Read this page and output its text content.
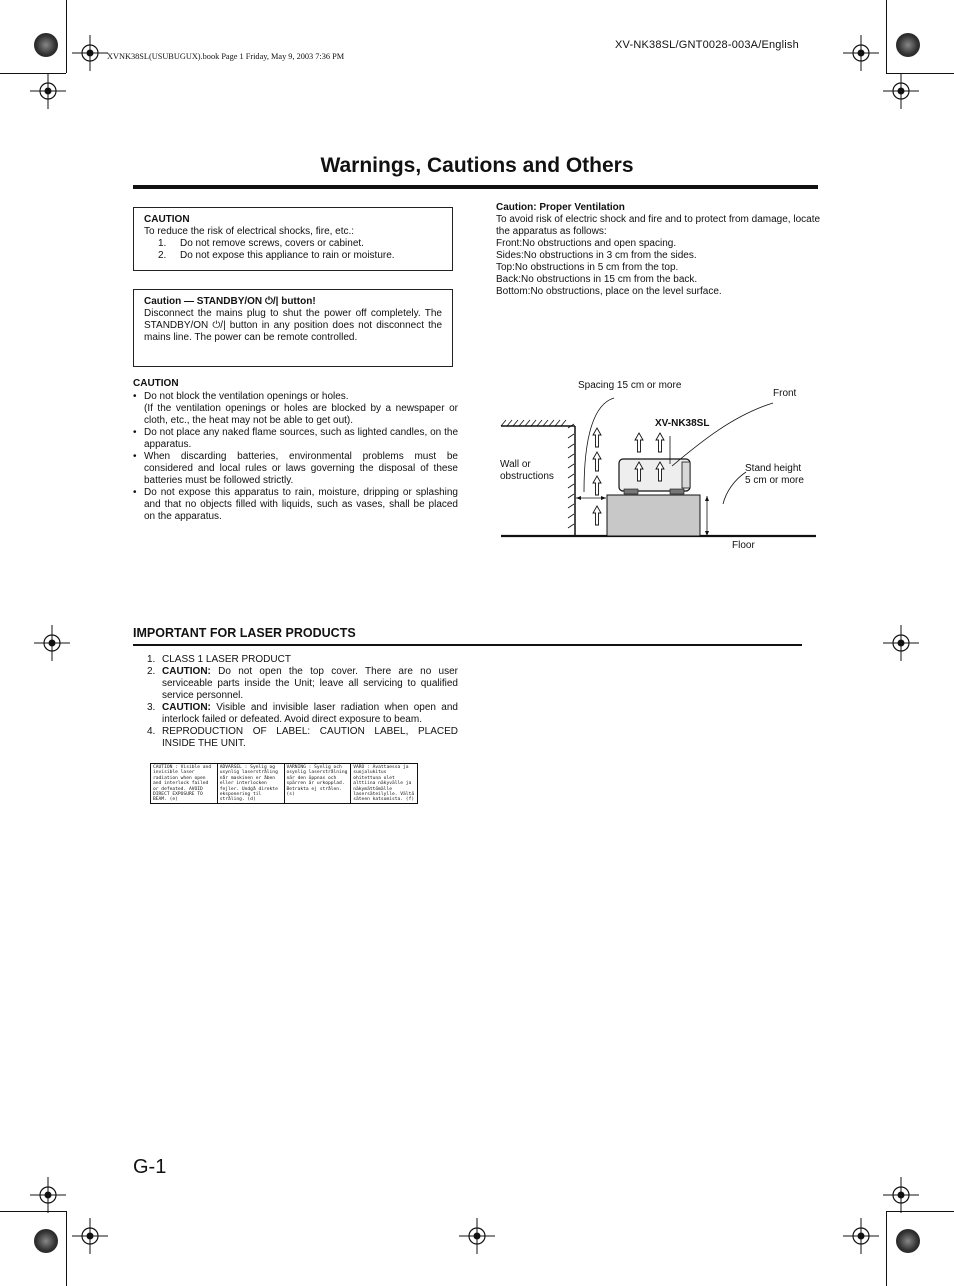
XVNK38SL(USUBUGUX).book Page 1 Friday, May 9, 2003 7:36 PM
XV-NK38SL/GNT0028-003A/English
Warnings, Cautions and Others
CAUTION
To reduce the risk of electrical shocks, fire, etc.:
1.	Do not remove screws, covers or cabinet.
2.	Do not expose this appliance to rain or moisture.
Caution — STANDBY/ON ⏻/| button!
Disconnect the mains plug to shut the power off completely. The STANDBY/ON ⏻/| button in any position does not disconnect the mains line. The power can be remote controlled.
CAUTION
• Do not block the ventilation openings or holes.
(If the ventilation openings or holes are blocked by a newspaper or cloth, etc., the heat may not be able to get out).
• Do not place any naked flame sources, such as lighted candles, on the apparatus.
• When discarding batteries, environmental problems must be considered and local rules or laws governing the disposal of these batteries must be followed strictly.
• Do not expose this apparatus to rain, moisture, dripping or splashing and that no objects filled with liquids, such as vases, shall be placed on the apparatus.
Caution: Proper Ventilation
To avoid risk of electric shock and fire and to protect from damage, locate the apparatus as follows:
Front:No obstructions and open spacing.
Sides:No obstructions in 3 cm from the sides.
Top:No obstructions in 5 cm from the top.
Back:No obstructions in 15 cm from the back.
Bottom:No obstructions, place on the level surface.
Spacing 15 cm or more
Front
XV-NK38SL
Wall or
obstructions
Stand height
5 cm or more
Floor
IMPORTANT FOR LASER PRODUCTS
1. CLASS 1 LASER PRODUCT
2. CAUTION: Do not open the top cover. There are no user serviceable parts inside the Unit; leave all servicing to qualified service personnel.
3. CAUTION: Visible and invisible laser radiation when open and interlock failed or defeated. Avoid direct exposure to beam.
4. REPRODUCTION OF LABEL: CAUTION LABEL, PLACED INSIDE THE UNIT.
CAUTION : Visible and invisible laser radiation when open and interlock failed or defeated. AVOID DIRECT EXPOSURE TO BEAM. (e)
ADVARSEL : Synlig og usynlig laserstråling når maskinen er åben eller interlocken fejler. Undgå direkte eksponering til stråling. (d)
VARNING : Synlig och osynlig laserstrålning när den öppnas och spärren är urkopplad. Betrakta ej strålen. (s)
VARO : Avattaessa ja suojalukitus ohitettuna olet alttiina näkyvälle ja näkymättömälle lasersäteilylle. Vältä säteen katsomista. (f)
G-1
